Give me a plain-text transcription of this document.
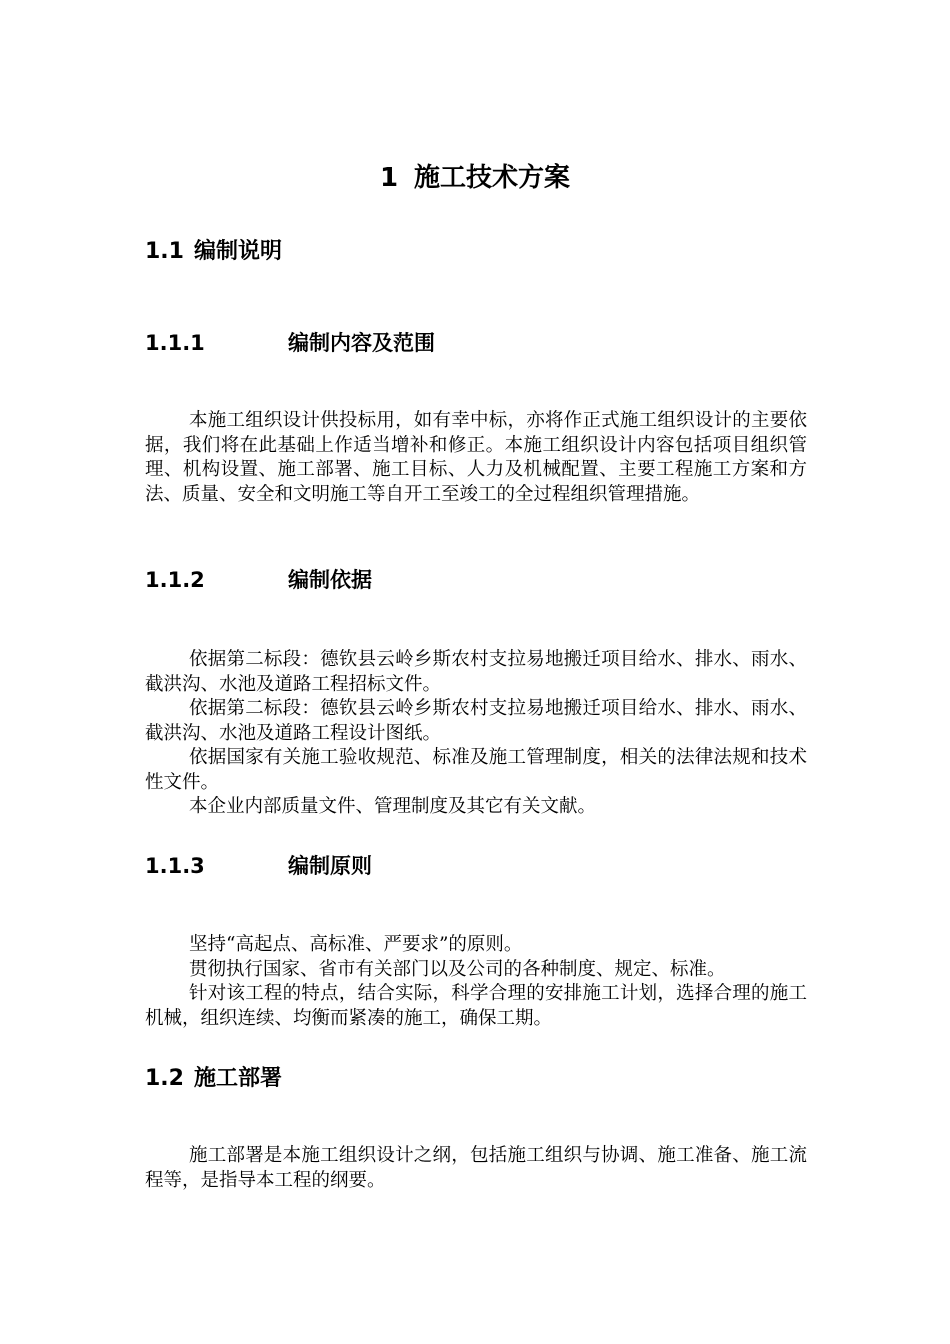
1 施工技术方案
1.1 编制说明
1.1.1	编制内容及范围

本施工组织设计供投标用，如有幸中标，亦将作正式施工组织设计的主要依据，我们将在此基础上作适当增补和修正。本施工组织设计内容包括项目组织管理、机构设置、施工部署、施工目标、人力及机械配置、主要工程施工方案和方法、质量、安全和文明施工等自开工至竣工的全过程组织管理措施。

1.1.2	编制依据

依据第二标段：德钦县云岭乡斯农村支拉易地搬迁项目给水、排水、雨水、截洪沟、水池及道路工程招标文件。

依据第二标段：德钦县云岭乡斯农村支拉易地搬迁项目给水、排水、雨水、截洪沟、水池及道路工程设计图纸。

依据国家有关施工验收规范、标准及施工管理制度，相关的法律法规和技术性文件。

本企业内部质量文件、管理制度及其它有关文献。

1.1.3	编制原则

坚持“高起点、高标准、严要求”的原则。

贯彻执行国家、省市有关部门以及公司的各种制度、规定、标准。

针对该工程的特点，结合实际，科学合理的安排施工计划，选择合理的施工机械，组织连续、均衡而紧凑的施工，确保工期。

1.2 施工部署

施工部署是本施工组织设计之纲，包括施工组织与协调、施工准备、施工流程等，是指导本工程的纲要。
